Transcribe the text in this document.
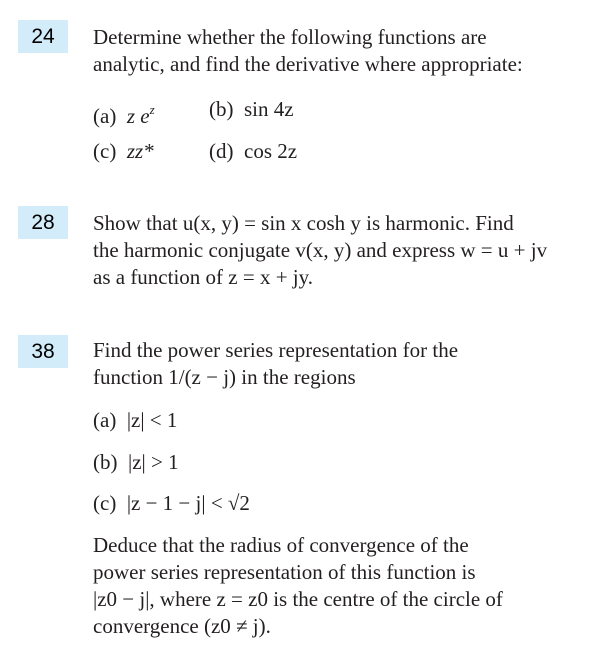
24	Determine whether the following functions are
analytic, and find the derivative where appropriate:
(a) z $e^z$	(b) sin 4z
(c) zz*	(d) cos 2z
28	Show that u(x, y) = sin x cosh y is harmonic. Find
the harmonic conjugate v(x, y) and express w = u + jv
as a function of z = x + jy.
38	Find the power series representation for the
function 1/(z − j) in the regions
(a) |z| < 1
(b) |z| > 1
(c) |z − 1 − j| < √2
Deduce that the radius of convergence of the
power series representation of this function is
|z0 − j|, where z = z0 is the centre of the circle of
convergence (z0 ≠ j).
